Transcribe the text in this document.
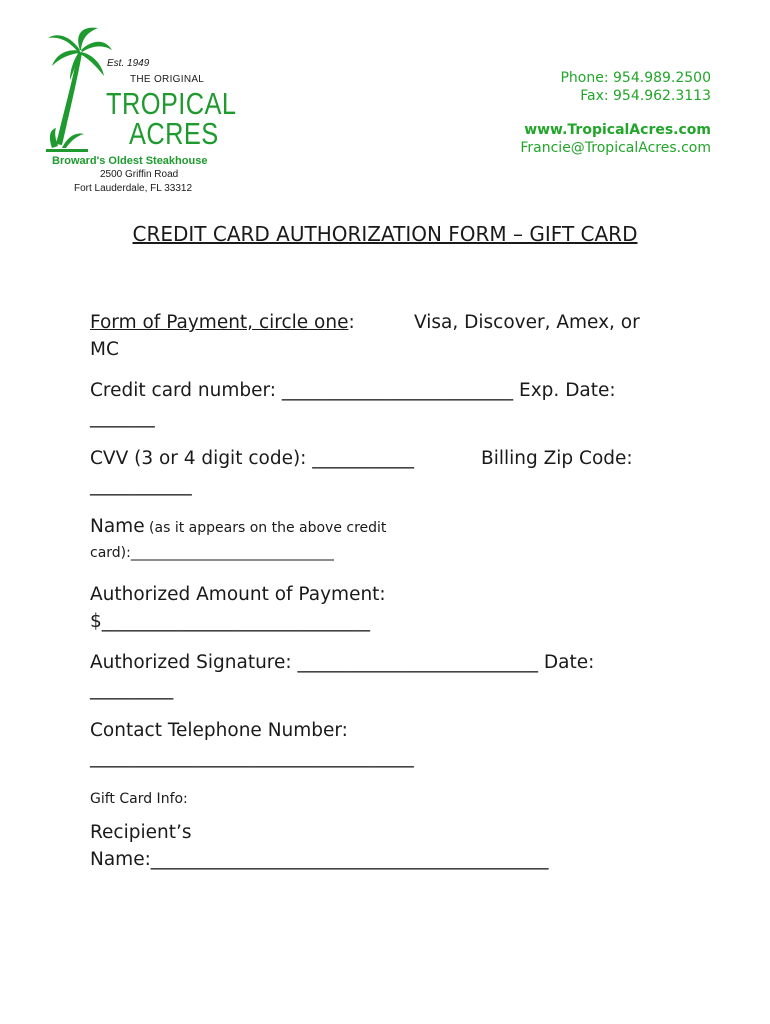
Est. 1949
THE ORIGINAL
TROPICAL
ACRES
Broward's Oldest Steakhouse
2500 Griffin Road
Fort Lauderdale, FL 33312
Phone: 954.989.2500
Fax: 954.962.3113
www.TropicalAcres.com
Francie@TropicalAcres.com
CREDIT CARD AUTHORIZATION FORM – GIFT CARD
Form of Payment, circle one:	Visa, Discover, Amex, or
MC
Credit card number: _________________________ Exp. Date:
_______
CVV (3 or 4 digit code): ___________	Billing Zip Code:
___________
Name (as it appears on the above credit
card):_____________________________
Authorized Amount of Payment:
$_____________________________
Authorized Signature: __________________________ Date:
_________
Contact Telephone Number:
___________________________________
Gift Card Info:
Recipient’s
Name:___________________________________________
